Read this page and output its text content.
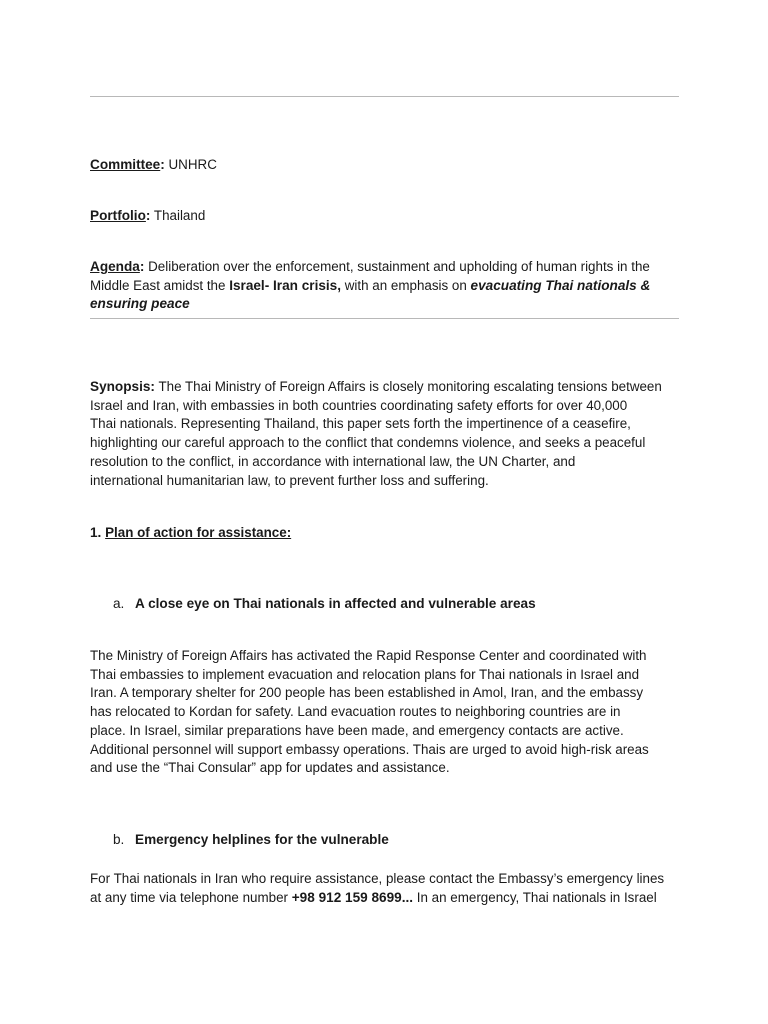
Committee: UNHRC
Portfolio: Thailand
Agenda: Deliberation over the enforcement, sustainment and upholding of human rights in the
Middle East amidst the Israel- Iran crisis, with an emphasis on evacuating Thai nationals &
ensuring peace
Synopsis: The Thai Ministry of Foreign Affairs is closely monitoring escalating tensions between
Israel and Iran, with embassies in both countries coordinating safety efforts for over 40,000
Thai nationals. Representing Thailand, this paper sets forth the impertinence of a ceasefire,
highlighting our careful approach to the conflict that condemns violence, and seeks a peaceful
resolution to the conflict, in accordance with international law, the UN Charter, and
international humanitarian law, to prevent further loss and suffering.
1. Plan of action for assistance:
a. A close eye on Thai nationals in affected and vulnerable areas
The Ministry of Foreign Affairs has activated the Rapid Response Center and coordinated with
Thai embassies to implement evacuation and relocation plans for Thai nationals in Israel and
Iran. A temporary shelter for 200 people has been established in Amol, Iran, and the embassy
has relocated to Kordan for safety. Land evacuation routes to neighboring countries are in
place. In Israel, similar preparations have been made, and emergency contacts are active.
Additional personnel will support embassy operations. Thais are urged to avoid high-risk areas
and use the “Thai Consular” app for updates and assistance.
b. Emergency helplines for the vulnerable
For Thai nationals in Iran who require assistance, please contact the Embassy’s emergency lines
at any time via telephone number +98 912 159 8699... In an emergency, Thai nationals in Israel
